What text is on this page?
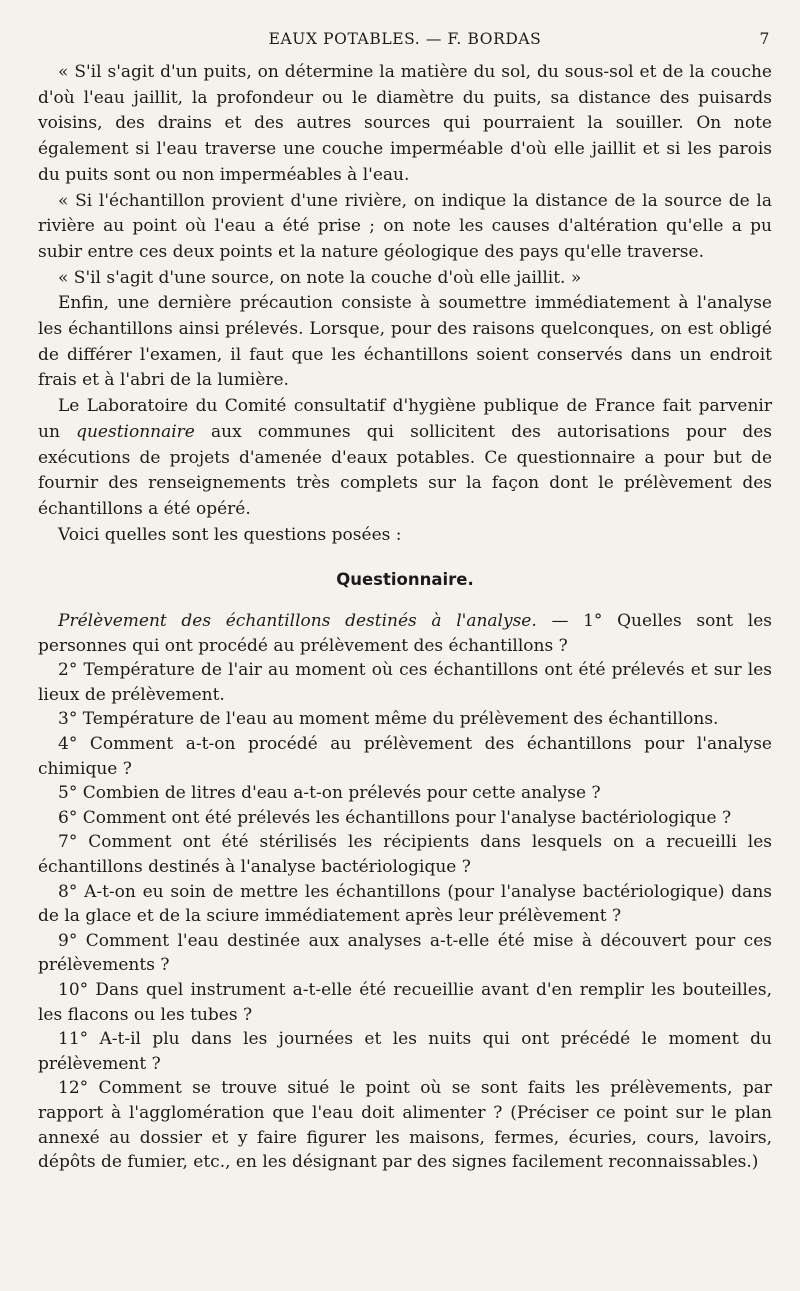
EAUX POTABLES. — F. BORDAS	7

« S'il s'agit d'un puits, on détermine la matière du sol, du sous-sol et de la couche d'où l'eau jaillit, la profondeur ou le diamètre du puits, sa distance des puisards voisins, des drains et des autres sources qui pourraient la souiller. On note également si l'eau traverse une couche imperméable d'où elle jaillit et si les parois du puits sont ou non imperméables à l'eau.

« Si l'échantillon provient d'une rivière, on indique la distance de la source de la rivière au point où l'eau a été prise ; on note les causes d'altération qu'elle a pu subir entre ces deux points et la nature géologique des pays qu'elle traverse.

« S'il s'agit d'une source, on note la couche d'où elle jaillit. »

Enfin, une dernière précaution consiste à soumettre immédiatement à l'analyse les échantillons ainsi prélevés. Lorsque, pour des raisons quelconques, on est obligé de différer l'examen, il faut que les échantillons soient conservés dans un endroit frais et à l'abri de la lumière.

Le Laboratoire du Comité consultatif d'hygiène publique de France fait parvenir un questionnaire aux communes qui sollicitent des autorisations pour des exécutions de projets d'amenée d'eaux potables. Ce questionnaire a pour but de fournir des renseignements très complets sur la façon dont le prélèvement des échantillons a été opéré.

Voici quelles sont les questions posées :

Questionnaire.

Prélèvement des échantillons destinés à l'analyse. — 1° Quelles sont les personnes qui ont procédé au prélèvement des échantillons ?

2° Température de l'air au moment où ces échantillons ont été prélevés et sur les lieux de prélèvement.

3° Température de l'eau au moment même du prélèvement des échantillons.

4° Comment a-t-on procédé au prélèvement des échantillons pour l'analyse chimique ?

5° Combien de litres d'eau a-t-on prélevés pour cette analyse ?

6° Comment ont été prélevés les échantillons pour l'analyse bactériologique ?

7° Comment ont été stérilisés les récipients dans lesquels on a recueilli les échantillons destinés à l'analyse bactériologique ?

8° A-t-on eu soin de mettre les échantillons (pour l'analyse bactériologique) dans de la glace et de la sciure immédiatement après leur prélèvement ?

9° Comment l'eau destinée aux analyses a-t-elle été mise à découvert pour ces prélèvements ?

10° Dans quel instrument a-t-elle été recueillie avant d'en remplir les bouteilles, les flacons ou les tubes ?

11° A-t-il plu dans les journées et les nuits qui ont précédé le moment du prélèvement ?

12° Comment se trouve situé le point où se sont faits les prélèvements, par rapport à l'agglomération que l'eau doit alimenter ? (Préciser ce point sur le plan annexé au dossier et y faire figurer les maisons, fermes, écuries, cours, lavoirs, dépôts de fumier, etc., en les désignant par des signes facilement reconnaissables.)
